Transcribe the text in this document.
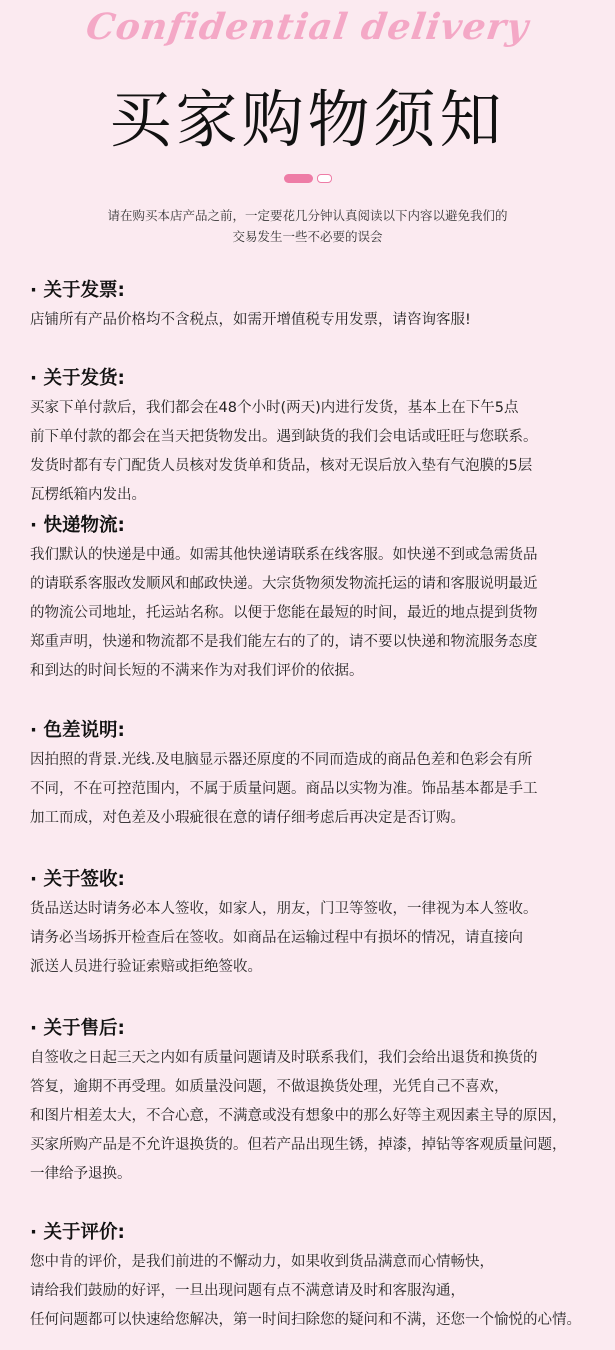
Confidential delivery
买家购物须知
请在购买本店产品之前，一定要花几分钟认真阅读以下内容以避免我们的
交易发生一些不必要的误会
· 关于发票:
店铺所有产品价格均不含税点，如需开增值税专用发票，请咨询客服!
· 关于发货:
买家下单付款后，我们都会在48个小时(两天)内进行发货，基本上在下午5点
前下单付款的都会在当天把货物发出。遇到缺货的我们会电话或旺旺与您联系。
发货时都有专门配货人员核对发货单和货品，核对无误后放入垫有气泡膜的5层
瓦楞纸箱内发出。
· 快递物流:
我们默认的快递是中通。如需其他快递请联系在线客服。如快递不到或急需货品
的请联系客服改发顺风和邮政快递。大宗货物须发物流托运的请和客服说明最近
的物流公司地址，托运站名称。以便于您能在最短的时间，最近的地点提到货物
郑重声明，快递和物流都不是我们能左右的了的，请不要以快递和物流服务态度
和到达的时间长短的不满来作为对我们评价的依据。
· 色差说明:
因拍照的背景.光线.及电脑显示器还原度的不同而造成的商品色差和色彩会有所
不同，不在可控范围内，不属于质量问题。商品以实物为准。饰品基本都是手工
加工而成，对色差及小瑕疵很在意的请仔细考虑后再决定是否订购。
· 关于签收:
货品送达时请务必本人签收，如家人，朋友，门卫等签收，一律视为本人签收。
请务必当场拆开检查后在签收。如商品在运输过程中有损坏的情况，请直接向
派送人员进行验证索赔或拒绝签收。
· 关于售后:
自签收之日起三天之内如有质量问题请及时联系我们，我们会给出退货和换货的
答复，逾期不再受理。如质量没问题，不做退换货处理，光凭自己不喜欢，
和图片相差太大，不合心意，不满意或没有想象中的那么好等主观因素主导的原因，
买家所购产品是不允许退换货的。但若产品出现生锈，掉漆，掉钻等客观质量问题，
一律给予退换。
· 关于评价:
您中肯的评价，是我们前进的不懈动力，如果收到货品满意而心情畅快，
请给我们鼓励的好评，一旦出现问题有点不满意请及时和客服沟通，
任何问题都可以快速给您解决，第一时间扫除您的疑问和不满，还您一个愉悦的心情。
